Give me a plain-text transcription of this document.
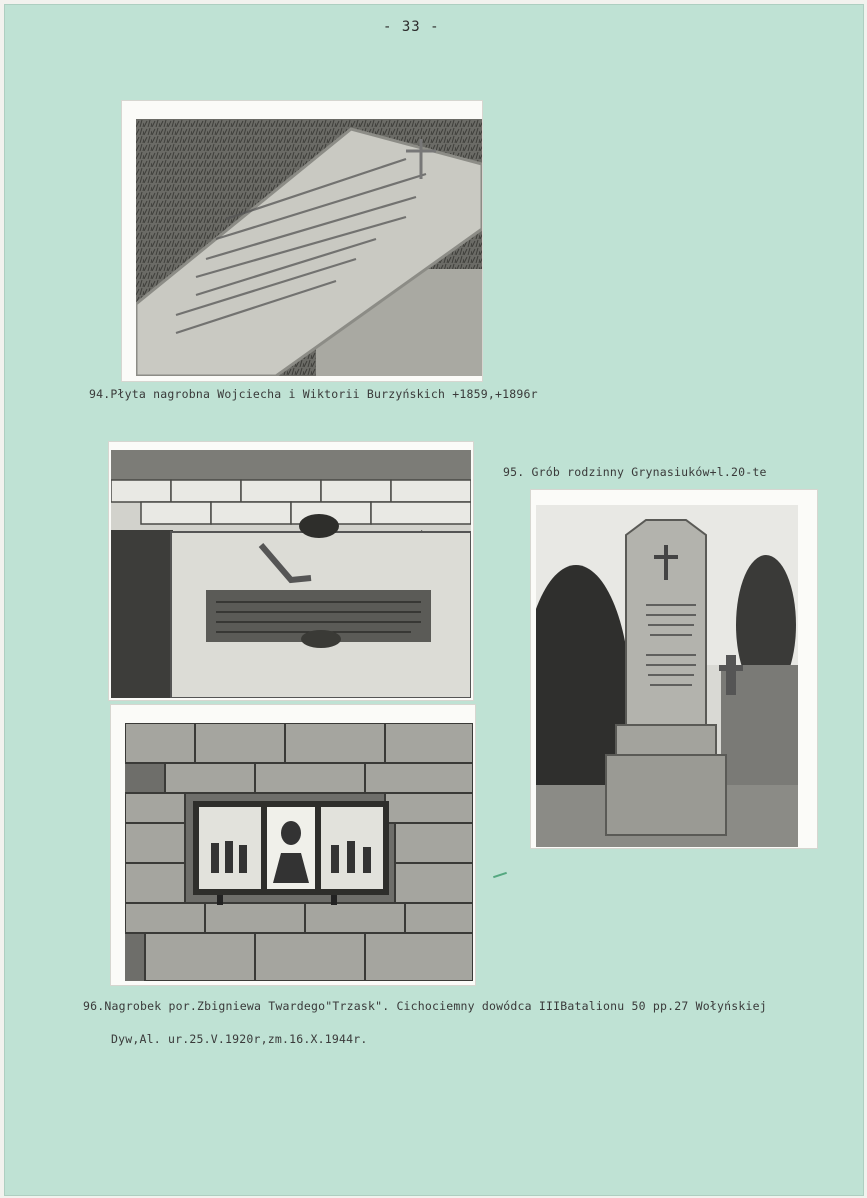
- 33 -
94.Płyta nagrobna Wojciecha i Wiktorii Burzyńskich +1859,+1896r
95. Grób rodzinny Grynasiuków+l.20-te
96.Nagrobek por.Zbigniewa Twardego"Trzask". Cichociemny dowódca IIIBatalionu 50 pp.27 Wołyńskiej
Dyw,Al. ur.25.V.1920r,zm.16.X.1944r.
